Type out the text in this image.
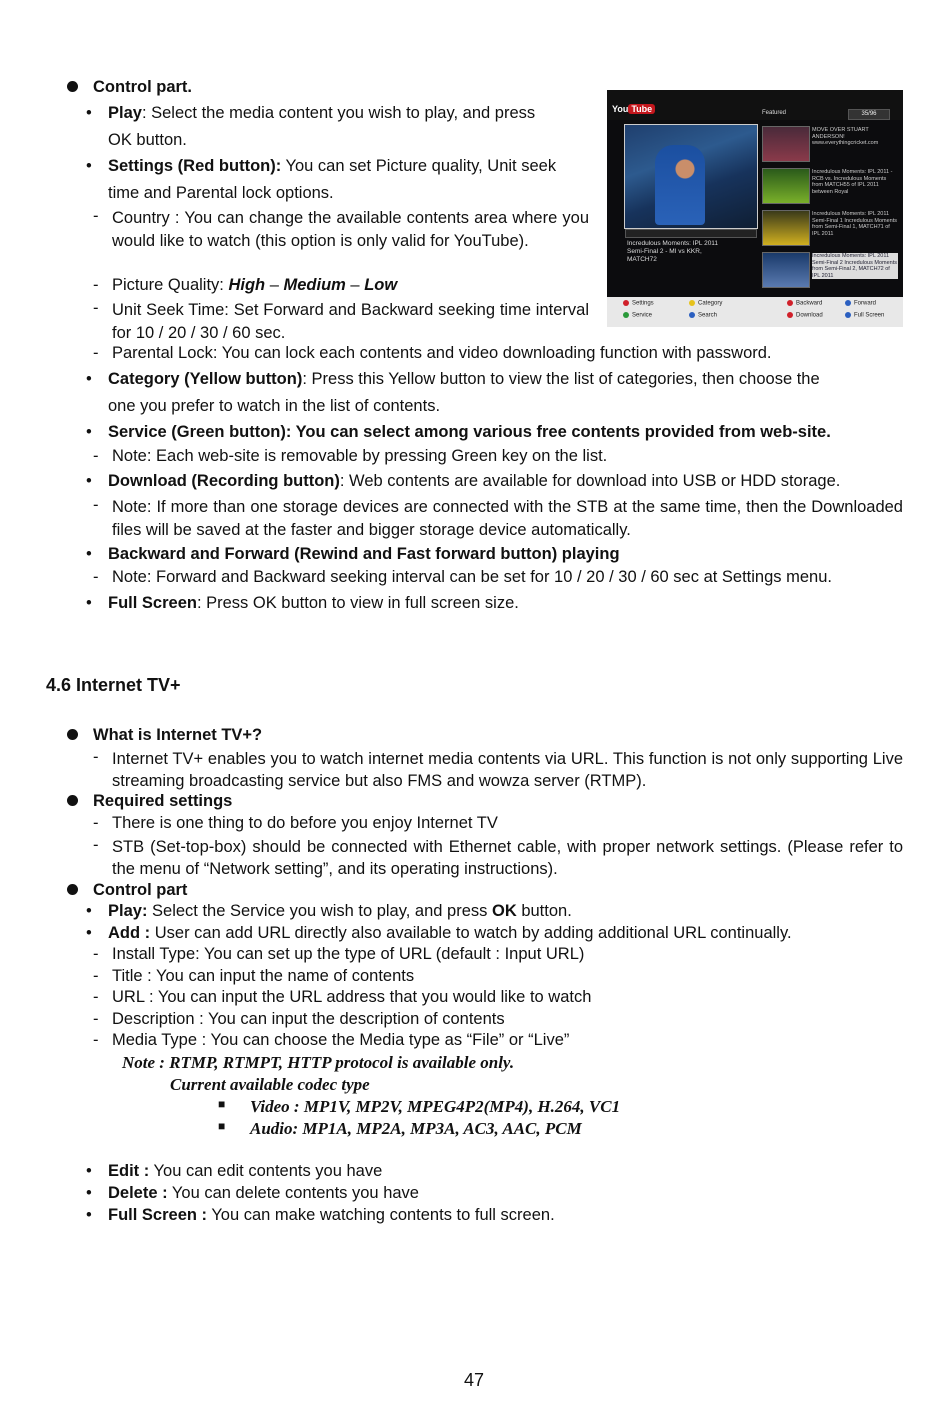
Control part.
• Play: Select the media content you wish to play, and press
OK button.
• Settings (Red button): You can set Picture quality, Unit seek
time and Parental lock options.
- Country : You can change the available contents area where you would like to watch (this option is only valid for YouTube).
- Picture Quality: High – Medium – Low
- Unit Seek Time: Set Forward and Backward seeking time interval for 10 / 20 / 30 / 60 sec.
- Parental Lock: You can lock each contents and video downloading function with password.
• Category (Yellow button): Press this Yellow button to view the list of categories, then choose the
one you prefer to watch in the list of contents.
• Service (Green button): You can select among various free contents provided from web-site.
- Note: Each web-site is removable by pressing Green key on the list.
• Download (Recording button): Web contents are available for download into USB or HDD storage.
- Note: If more than one storage devices are connected with the STB at the same time, then the Downloaded files will be saved at the faster and bigger storage device automatically.
• Backward and Forward (Rewind and Fast forward button) playing
- Note: Forward and Backward seeking interval can be set for 10 / 20 / 30 / 60 sec at Settings menu.
• Full Screen: Press OK button to view in full screen size.
You Tube	Featured	35/96
Incredulous Moments: IPL 2011
Semi-Final 2 - MI vs KKR,
MATCH72
MOVE OVER STUART ANDERSON! www.everythingcricket.com
Incredulous Moments: IPL 2011 - RCB vs. Incredulous Moments from MATCH55 of IPL 2011 between Royal
Incredulous Moments: IPL 2011 Semi-Final 1 Incredulous Moments from Semi-Final 1, MATCH71 of IPL 2011
Incredulous Moments: IPL 2011 Semi-Final 2 Incredulous Moments from Semi-Final 2, MATCH72 of IPL 2011
Settings	Category	Backward	Forward
Service	Search	Download	Full Screen
4.6 Internet TV+
What is Internet TV+?
- Internet TV+ enables you to watch internet media contents via URL. This function is not only supporting Live streaming broadcasting service but also FMS and wowza server (RTMP).
Required settings
- There is one thing to do before you enjoy Internet TV
- STB (Set-top-box) should be connected with Ethernet cable, with proper network settings. (Please refer to the menu of “Network setting”, and its operating instructions).
Control part
• Play: Select the Service you wish to play, and press OK button.
• Add : User can add URL directly also available to watch by adding additional URL continually.
- Install Type: You can set up the type of URL (default : Input URL)
- Title : You can input the name of contents
- URL : You can input the URL address that you would like to watch
- Description : You can input the description of contents
- Media Type : You can choose the Media type as “File” or “Live”
Note : RTMP, RTMPT, HTTP protocol is available only.
Current available codec type
■ Video : MP1V, MP2V, MPEG4P2(MP4), H.264, VC1
■ Audio: MP1A, MP2A, MP3A, AC3, AAC, PCM
• Edit : You can edit contents you have
• Delete : You can delete contents you have
• Full Screen : You can make watching contents to full screen.
47
